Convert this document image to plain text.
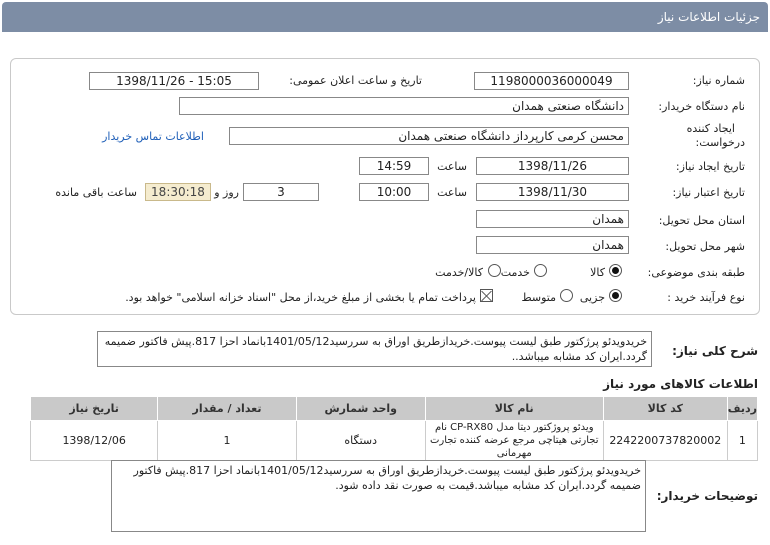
جزئیات اطلاعات نیاز
شماره نیاز:
1198000036000049
تاریخ و ساعت اعلان عمومی:
1398/11/26 - 15:05
نام دستگاه خریدار:
دانشگاه صنعتی همدان
ایجاد کننده
درخواست:
محسن کرمی کارپرداز دانشگاه صنعتی همدان
اطلاعات تماس خریدار
تاریخ ایجاد نیاز:
1398/11/26
ساعت
14:59
تاریخ اعتبار نیاز:
1398/11/30
ساعت
10:00
3
روز و
18:30:18
ساعت باقی مانده
استان محل تحویل:
همدان
شهر محل تحویل:
همدان
طبقه بندی موضوعی:
کالا
خدمت
کالا/خدمت
نوع فرآیند خرید :
جزیی
متوسط
پرداخت تمام یا بخشی از مبلغ خرید،از محل "اسناد خزانه اسلامی" خواهد بود.
شرح کلی نیاز:
خریدویدئو پرژکتور طبق لیست پیوست.خریدازطریق اوراق به سررسید1401/05/12بانماد احزا 817.پیش فاکتور ضمیمه گردد.ایران کد مشابه میباشد..
اطلاعات کالاهای مورد نیاز
ردیف	کد کالا	نام کالا	واحد شمارش	تعداد / مقدار	تاریخ نیاز
1	2242200737820002	ویدئو پروژکتور دیتا مدل CP-RX80 نام تجارتی هیتاچی مرجع عرضه کننده تجارت مهرمانی	دستگاه	1	1398/12/06
توضیحات خریدار:
خریدویدئو پرژکتور طبق لیست پیوست.خریدازطریق اوراق به سررسید1401/05/12بانماد احزا 817.پیش فاکتور ضمیمه گردد.ایران کد مشابه میباشد.قیمت به صورت نقد داده شود.
